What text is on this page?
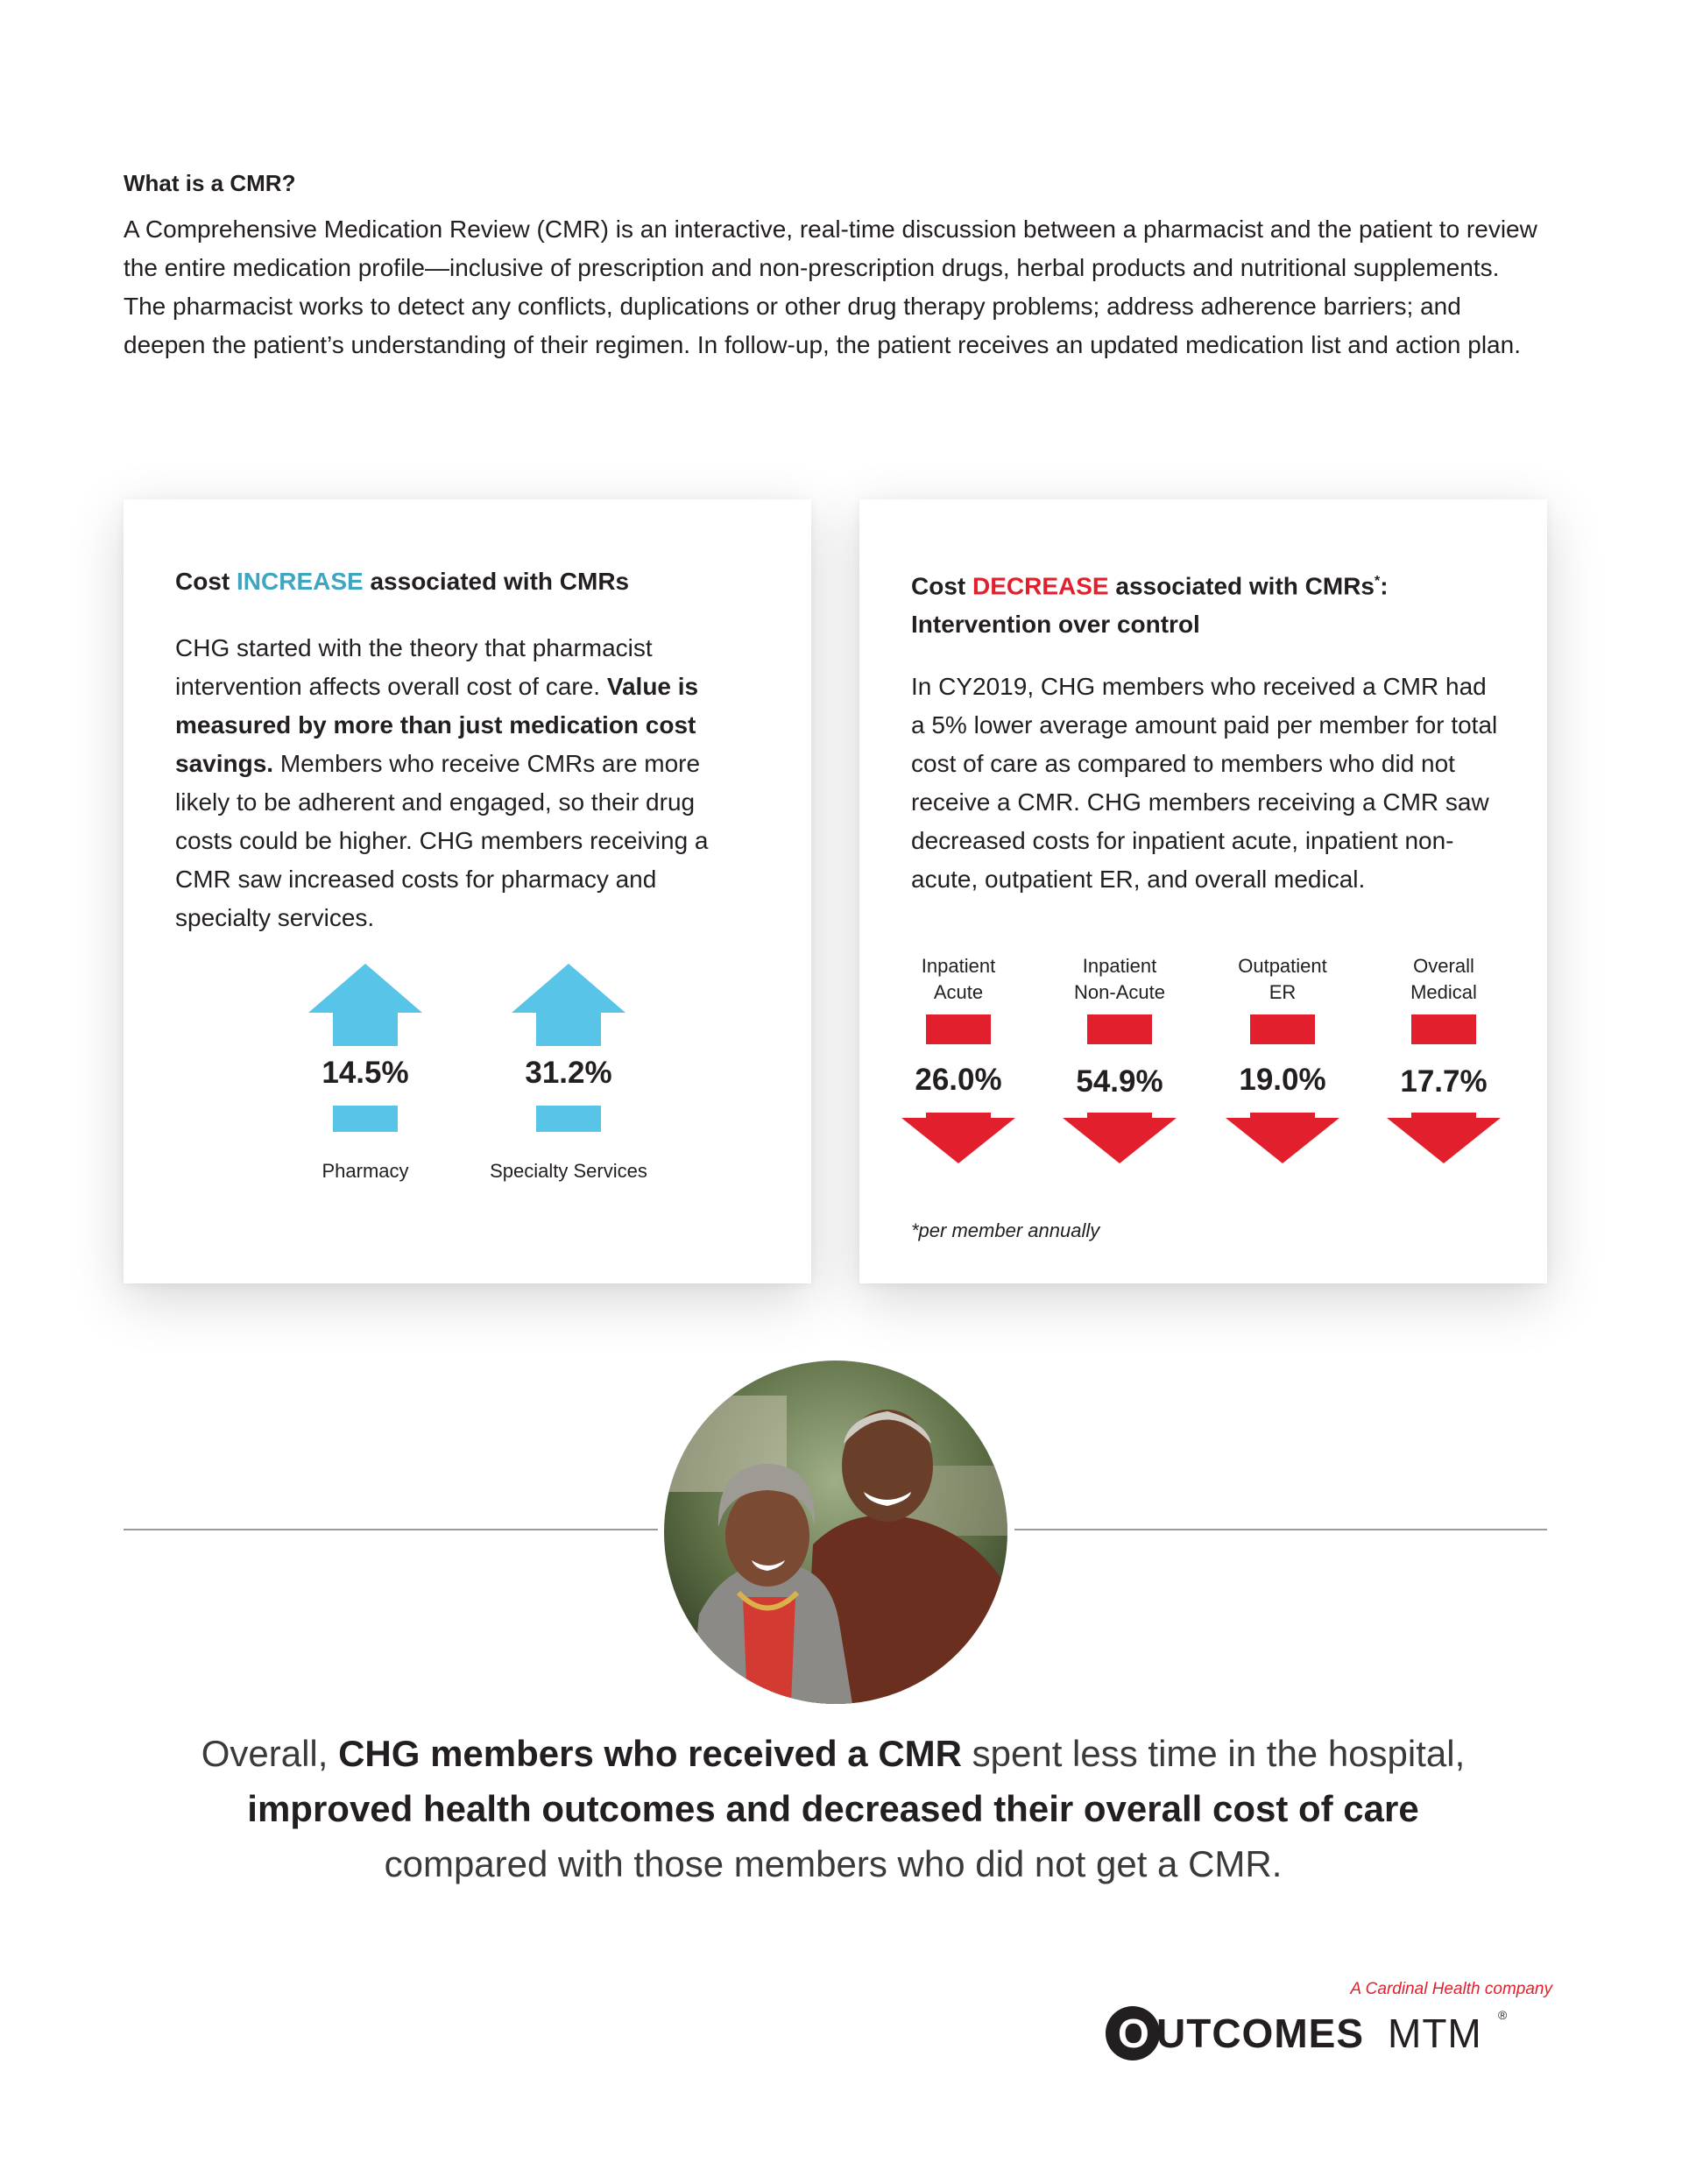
What is a CMR?

A Comprehensive Medication Review (CMR) is an interactive, real-time discussion between a pharmacist and the patient to review the entire medication profile—inclusive of prescription and non-prescription drugs, herbal products and nutritional supplements. The pharmacist works to detect any conflicts, duplications or other drug therapy problems; address adherence barriers; and deepen the patient’s understanding of their regimen. In follow-up, the patient receives an updated medication list and action plan.

Cost INCREASE associated with CMRs
CHG started with the theory that pharmacist intervention affects overall cost of care. Value is measured by more than just medication cost savings. Members who receive CMRs are more likely to be adherent and engaged, so their drug costs could be higher. CHG members receiving a CMR saw increased costs for pharmacy and specialty services.
14.5%
Pharmacy
31.2%
Specialty Services
Cost DECREASE associated with CMRs*:
Intervention over control
In CY2019, CHG members who received a CMR had a 5% lower average amount paid per member for total cost of care as compared to members who did not receive a CMR. CHG members receiving a CMR saw decreased costs for inpatient acute, inpatient non-acute, outpatient ER, and overall medical.
Inpatient
Acute
26.0%
Inpatient
Non-Acute
54.9%
Outpatient
ER
19.0%
Overall
Medical
17.7%
*per member annually
Overall, CHG members who received a CMR spent less time in the hospital,
improved health outcomes and decreased their overall cost of care
compared with those members who did not get a CMR.
A Cardinal Health company
O UTCOMES MTM ®
